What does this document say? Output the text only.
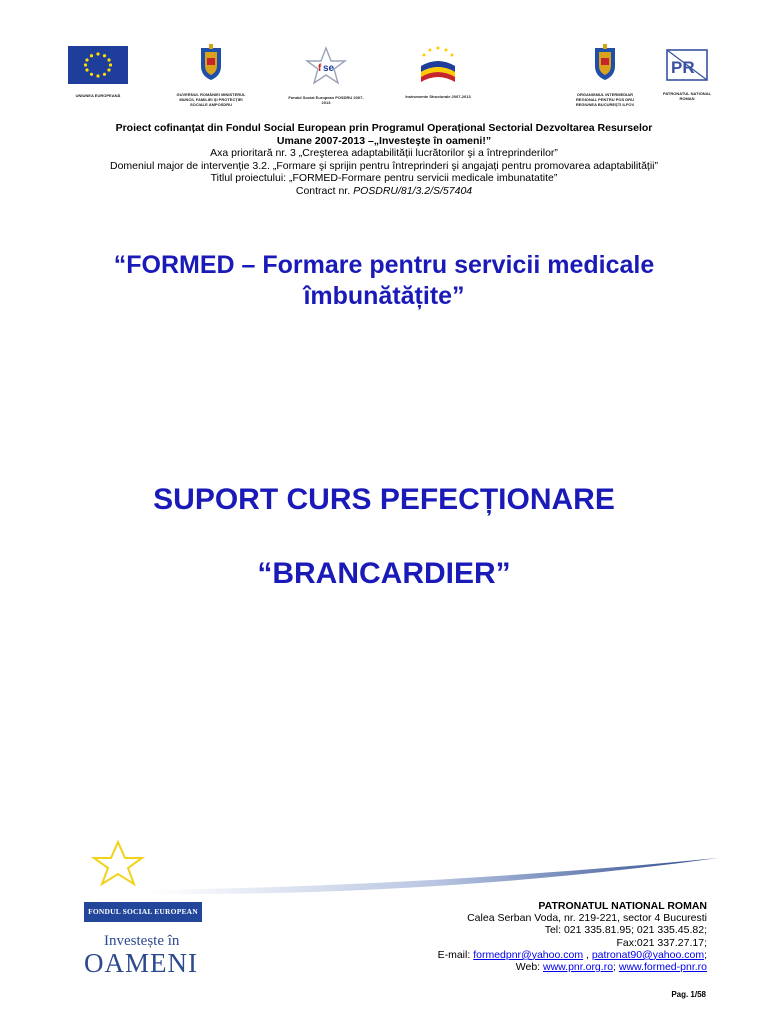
UNIUNEA EUROPEANĂ	GUVERNUL ROMÂNIEI MINISTERUL MUNCII, FAMILIEI ŞI PROTECŢIEI SOCIALE AMPOSDRU
f se
Fondul Social European POSDRU 2007-2013
Instrumente Structurale 2007-2013	ORGANISMUL INTERMEDIAR REGIONAL PENTRU POS DRU REGIUNEA BUCUREŞTI ILFOV
PR
PATRONATUL NATIONAL ROMAN
Proiect cofinanțat din Fondul Social European prin Programul Operațional Sectorial Dezvoltarea Resurselor
Umane 2007-2013 –„Investeşte în oameni!”
Axa prioritară nr. 3 „Creşterea adaptabilității lucrătorilor şi a întreprinderilor”
Domeniul major de intervenție 3.2. „Formare şi sprijin pentru întreprinderi şi angajați pentru promovarea adaptabilității”
Titlul proiectului: „FORMED-Formare pentru servicii medicale imbunatatite”
Contract nr. POSDRU/81/3.2/S/57404
“FORMED – Formare pentru servicii medicale îmbunătățite”
SUPORT CURS PEFECȚIONARE
“BRANCARDIER”
FONDUL SOCIAL EUROPEAN
Investește în
OAMENI
PATRONATUL NATIONAL ROMAN
Calea Serban Voda, nr. 219-221, sector 4 Bucuresti
Tel: 021 335.81.95; 021 335.45.82;
Fax:021 337.27.17;
E-mail: formedpnr@yahoo.com , patronat90@yahoo.com;
Web: www.pnr.org.ro; www.formed-pnr.ro
Pag. 1/58
